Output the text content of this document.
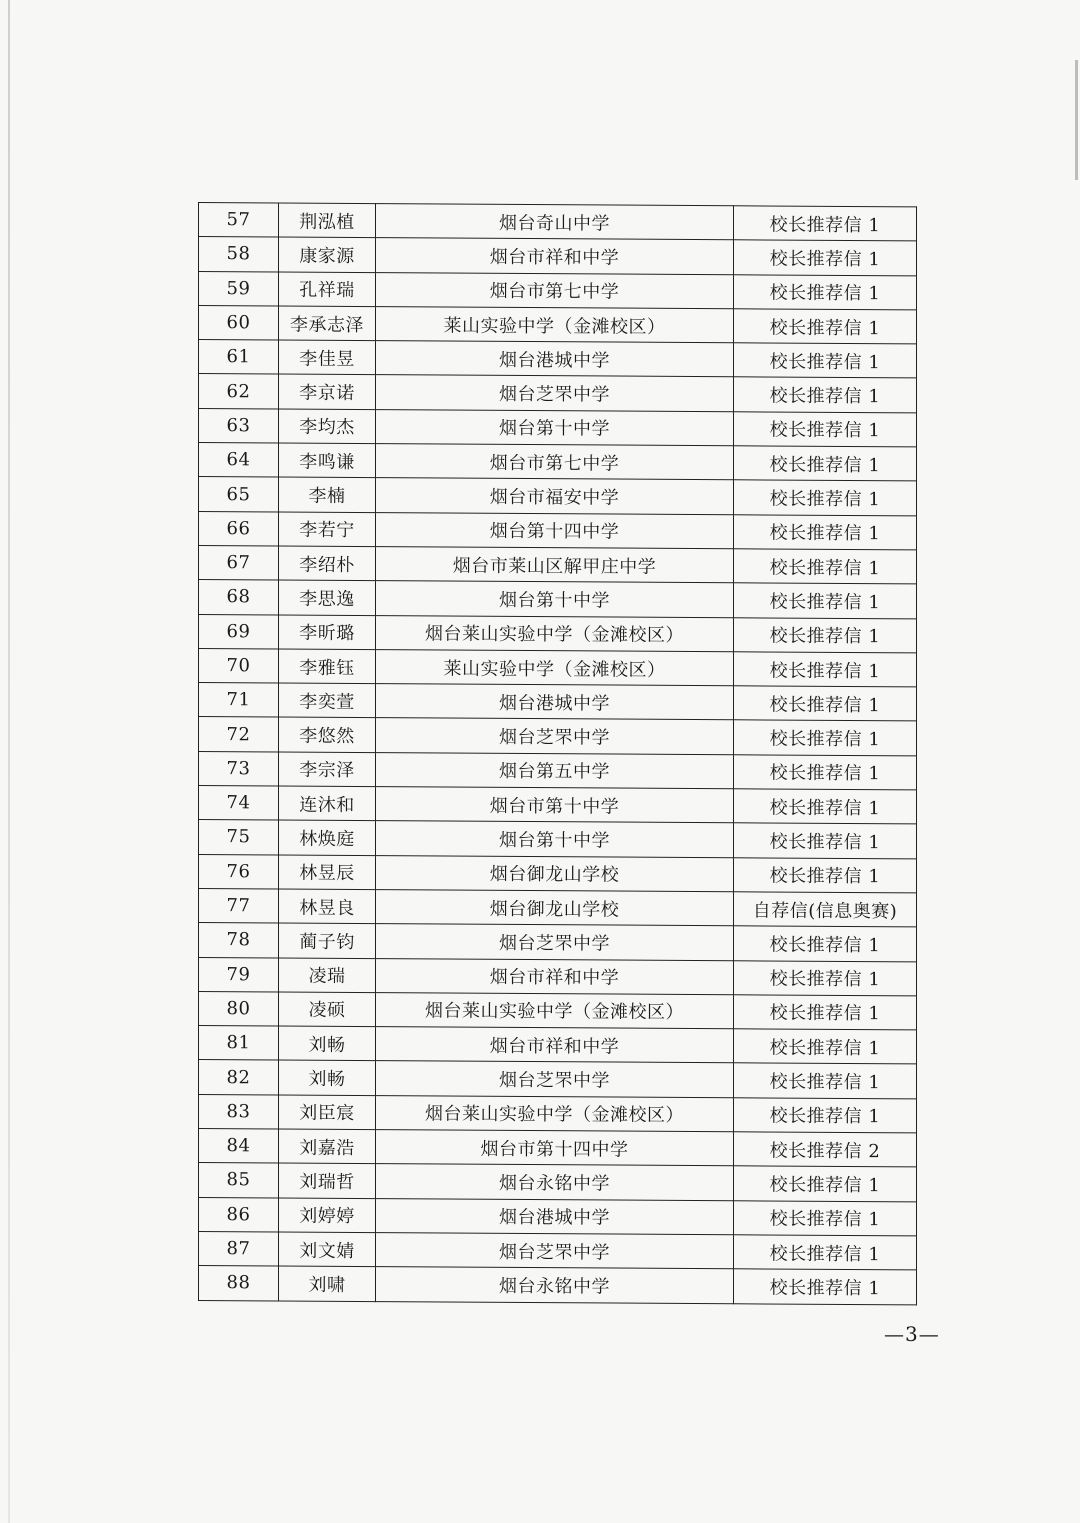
57	荆泓植	烟台奇山中学	校长推荐信 1
58	康家源	烟台市祥和中学	校长推荐信 1
59	孔祥瑞	烟台市第七中学	校长推荐信 1
60	李承志泽	莱山实验中学（金滩校区）	校长推荐信 1
61	李佳昱	烟台港城中学	校长推荐信 1
62	李京诺	烟台芝罘中学	校长推荐信 1
63	李均杰	烟台第十中学	校长推荐信 1
64	李鸣谦	烟台市第七中学	校长推荐信 1
65	李楠	烟台市福安中学	校长推荐信 1
66	李若宁	烟台第十四中学	校长推荐信 1
67	李绍朴	烟台市莱山区解甲庄中学	校长推荐信 1
68	李思逸	烟台第十中学	校长推荐信 1
69	李昕璐	烟台莱山实验中学（金滩校区）	校长推荐信 1
70	李雅钰	莱山实验中学（金滩校区）	校长推荐信 1
71	李奕萱	烟台港城中学	校长推荐信 1
72	李悠然	烟台芝罘中学	校长推荐信 1
73	李宗泽	烟台第五中学	校长推荐信 1
74	连沐和	烟台市第十中学	校长推荐信 1
75	林焕庭	烟台第十中学	校长推荐信 1
76	林昱辰	烟台御龙山学校	校长推荐信 1
77	林昱良	烟台御龙山学校	自荐信(信息奥赛)
78	蔺子钧	烟台芝罘中学	校长推荐信 1
79	凌瑞	烟台市祥和中学	校长推荐信 1
80	凌硕	烟台莱山实验中学（金滩校区）	校长推荐信 1
81	刘畅	烟台市祥和中学	校长推荐信 1
82	刘畅	烟台芝罘中学	校长推荐信 1
83	刘臣宸	烟台莱山实验中学（金滩校区）	校长推荐信 1
84	刘嘉浩	烟台市第十四中学	校长推荐信 2
85	刘瑞哲	烟台永铭中学	校长推荐信 1
86	刘婷婷	烟台港城中学	校长推荐信 1
87	刘文婧	烟台芝罘中学	校长推荐信 1
88	刘啸	烟台永铭中学	校长推荐信 1
—3—
